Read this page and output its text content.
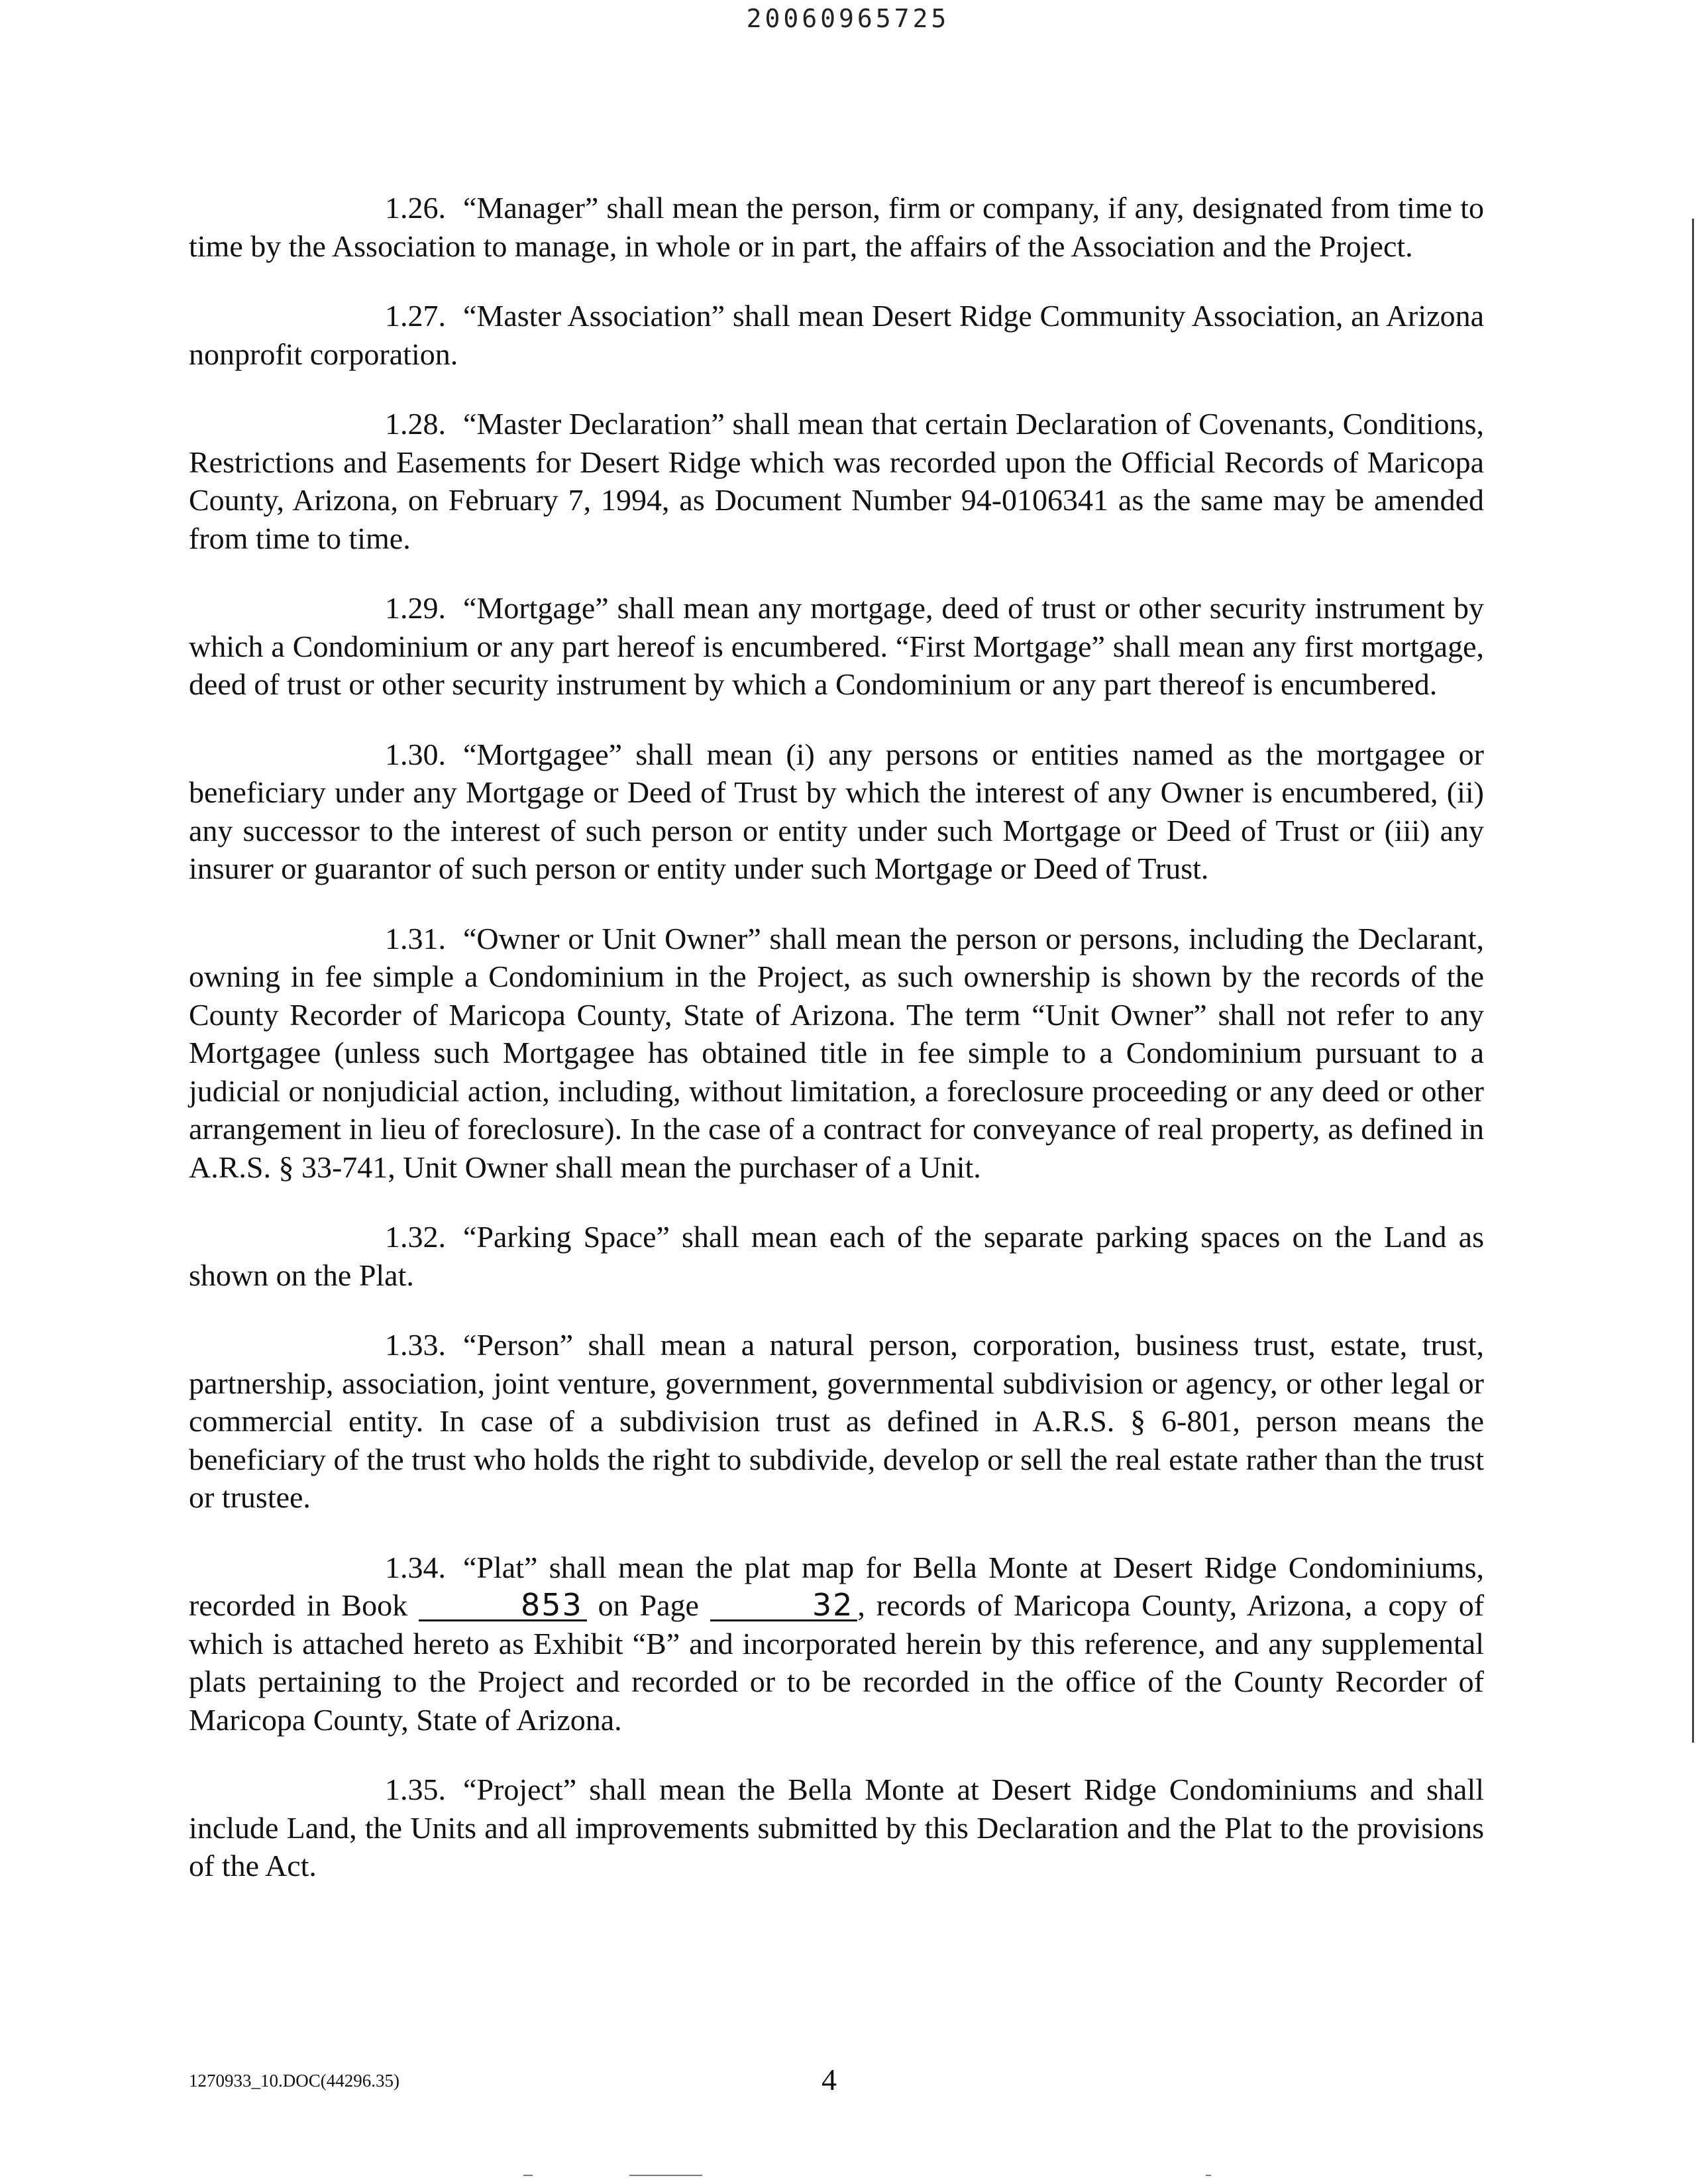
20060965725

1.26. “Manager” shall mean the person, firm or company, if any, designated from time to time by the Association to manage, in whole or in part, the affairs of the Association and the Project.

1.27. “Master Association” shall mean Desert Ridge Community Association, an Arizona nonprofit corporation.

1.28. “Master Declaration” shall mean that certain Declaration of Covenants, Conditions, Restrictions and Easements for Desert Ridge which was recorded upon the Official Records of Maricopa County, Arizona, on February 7, 1994, as Document Number 94-0106341 as the same may be amended from time to time.

1.29. “Mortgage” shall mean any mortgage, deed of trust or other security instrument by which a Condominium or any part hereof is encumbered. “First Mortgage” shall mean any first mortgage, deed of trust or other security instrument by which a Condominium or any part thereof is encumbered.

1.30. “Mortgagee” shall mean (i) any persons or entities named as the mortgagee or beneficiary under any Mortgage or Deed of Trust by which the interest of any Owner is encumbered, (ii) any successor to the interest of such person or entity under such Mortgage or Deed of Trust or (iii) any insurer or guarantor of such person or entity under such Mortgage or Deed of Trust.

1.31. “Owner or Unit Owner” shall mean the person or persons, including the Declarant, owning in fee simple a Condominium in the Project, as such ownership is shown by the records of the County Recorder of Maricopa County, State of Arizona. The term “Unit Owner” shall not refer to any Mortgagee (unless such Mortgagee has obtained title in fee simple to a Condominium pursuant to a judicial or nonjudicial action, including, without limitation, a foreclosure proceeding or any deed or other arrangement in lieu of foreclosure). In the case of a contract for conveyance of real property, as defined in A.R.S. § 33-741, Unit Owner shall mean the purchaser of a Unit.

1.32. “Parking Space” shall mean each of the separate parking spaces on the Land as shown on the Plat.

1.33. “Person” shall mean a natural person, corporation, business trust, estate, trust, partnership, association, joint venture, government, governmental subdivision or agency, or other legal or commercial entity. In case of a subdivision trust as defined in A.R.S. § 6-801, person means the beneficiary of the trust who holds the right to subdivide, develop or sell the real estate rather than the trust or trustee.

1.34. “Plat” shall mean the plat map for Bella Monte at Desert Ridge Condominiums, recorded in Book	853 on Page	32 , records of Maricopa County, Arizona, a copy of which is attached hereto as Exhibit “B” and incorporated herein by this reference, and any supplemental plats pertaining to the Project and recorded or to be recorded in the office of the County Recorder of Maricopa County, State of Arizona.

1.35. “Project” shall mean the Bella Monte at Desert Ridge Condominiums and shall include Land, the Units and all improvements submitted by this Declaration and the Plat to the provisions of the Act.

1270933_10.DOC(44296.35)	4
